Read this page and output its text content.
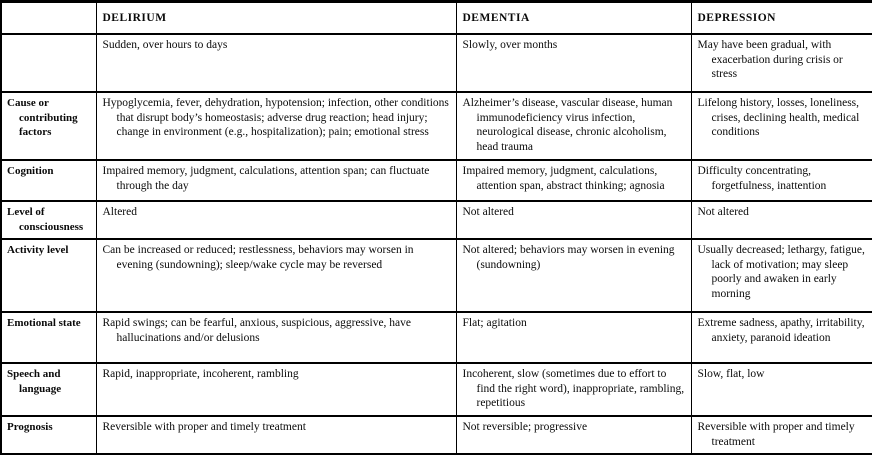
	DELIRIUM	DEMENTIA	DEPRESSION

	Sudden, over hours to days	Slowly, over months	May have been gradual, with exacerbation during crisis or stress

Cause or contributing factors	Hypoglycemia, fever, dehydration, hypotension; infection, other conditions that disrupt body’s homeostasis; adverse drug reaction; head injury; change in environment (e.g., hospitalization); pain; emotional stress	Alzheimer’s disease, vascular disease, human immunodeficiency virus infection, neurological disease, chronic alcoholism, head trauma	Lifelong history, losses, loneliness, crises, declining health, medical conditions

Cognition	Impaired memory, judgment, calculations, attention span; can fluctuate through the day	Impaired memory, judgment, calculations, attention span, abstract thinking; agnosia	Difficulty concentrating, forgetfulness, inattention

Level of consciousness	Altered	Not altered	Not altered

Activity level	Can be increased or reduced; restlessness, behaviors may worsen in evening (sundowning); sleep/wake cycle may be reversed	Not altered; behaviors may worsen in evening (sundowning)	Usually decreased; lethargy, fatigue, lack of motivation; may sleep poorly and awaken in early morning

Emotional state	Rapid swings; can be fearful, anxious, suspicious, aggressive, have hallucinations and/or delusions	Flat; agitation	Extreme sadness, apathy, irritability, anxiety, paranoid ideation

Speech and language	Rapid, inappropriate, incoherent, rambling	Incoherent, slow (sometimes due to effort to find the right word), inappropriate, rambling, repetitious	Slow, flat, low

Prognosis	Reversible with proper and timely treatment	Not reversible; progressive	Reversible with proper and timely treatment
